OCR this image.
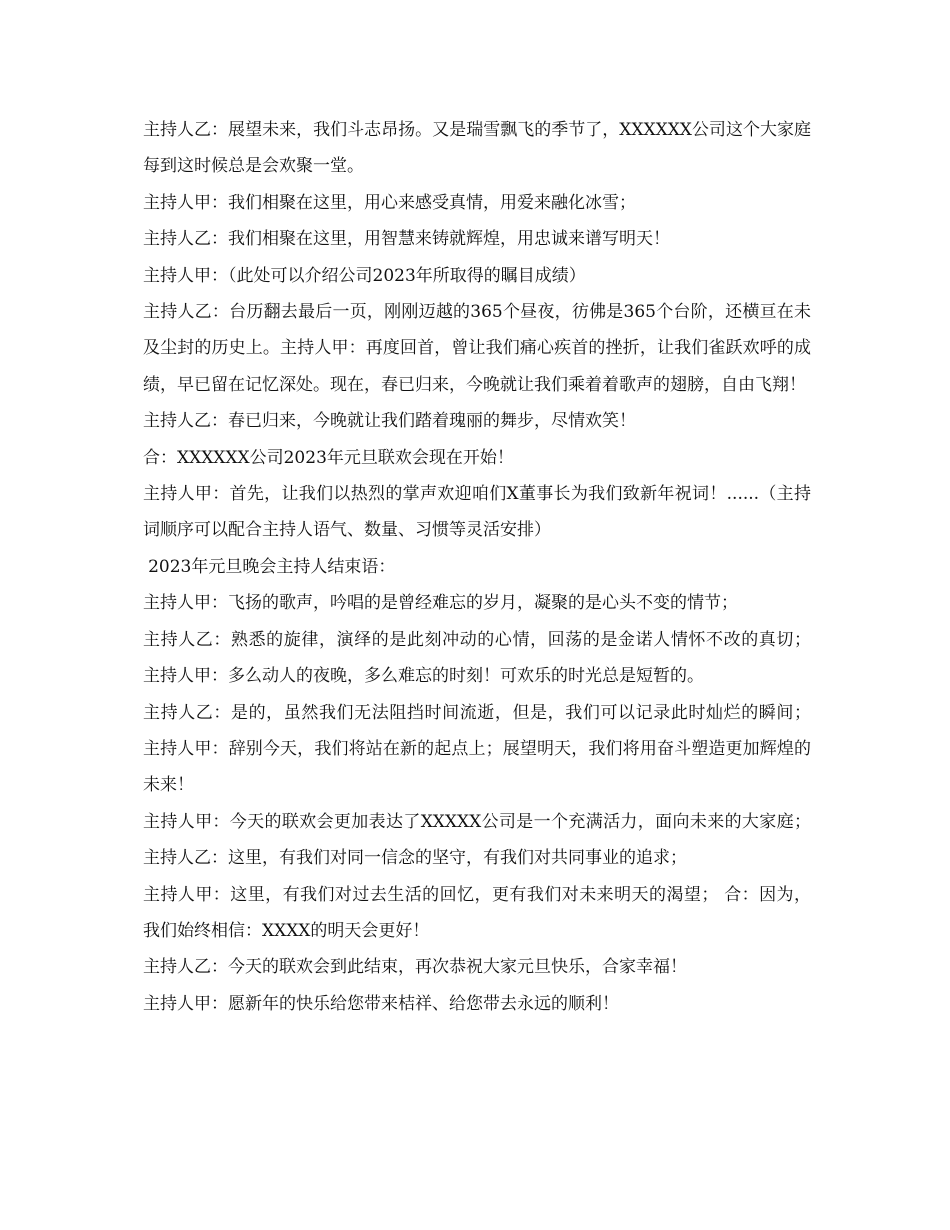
主持人乙：展望未来，我们斗志昂扬。又是瑞雪飘飞的季节了，XXXXXX公司这个大家庭每到这时候总是会欢聚一堂。

主持人甲：我们相聚在这里，用心来感受真情，用爱来融化冰雪；

主持人乙：我们相聚在这里，用智慧来铸就辉煌，用忠诚来谱写明天！

主持人甲：（此处可以介绍公司2023年所取得的瞩目成绩）

主持人乙：台历翻去最后一页，刚刚迈越的365个昼夜，彷佛是365个台阶，还横亘在未及尘封的历史上。主持人甲：再度回首，曾让我们痛心疾首的挫折，让我们雀跃欢呼的成绩，早已留在记忆深处。现在，春已归来，今晚就让我们乘着着歌声的翅膀，自由飞翔！

主持人乙：春已归来，今晚就让我们踏着瑰丽的舞步，尽情欢笑！

合：XXXXXX公司2023年元旦联欢会现在开始！

主持人甲：首先，让我们以热烈的掌声欢迎咱们X董事长为我们致新年祝词！......（主持词顺序可以配合主持人语气、数量、习惯等灵活安排）

2023年元旦晚会主持人结束语：

主持人甲：飞扬的歌声，吟唱的是曾经难忘的岁月，凝聚的是心头不变的情节；

主持人乙：熟悉的旋律，演绎的是此刻冲动的心情，回荡的是金诺人情怀不改的真切； 主持人甲：多么动人的夜晚，多么难忘的时刻！可欢乐的时光总是短暂的。

主持人乙：是的，虽然我们无法阻挡时间流逝，但是，我们可以记录此时灿烂的瞬间； 主持人甲：辞别今天，我们将站在新的起点上；展望明天，我们将用奋斗塑造更加辉煌的未来！

主持人甲：今天的联欢会更加表达了XXXXX公司是一个充满活力，面向未来的大家庭； 主持人乙：这里，有我们对同一信念的坚守，有我们对共同事业的追求；

主持人甲：这里，有我们对过去生活的回忆，更有我们对未来明天的渴望； 合：因为，我们始终相信：XXXX的明天会更好！

主持人乙：今天的联欢会到此结束，再次恭祝大家元旦快乐，合家幸福！

主持人甲：愿新年的快乐给您带来桔祥、给您带去永远的顺利！
